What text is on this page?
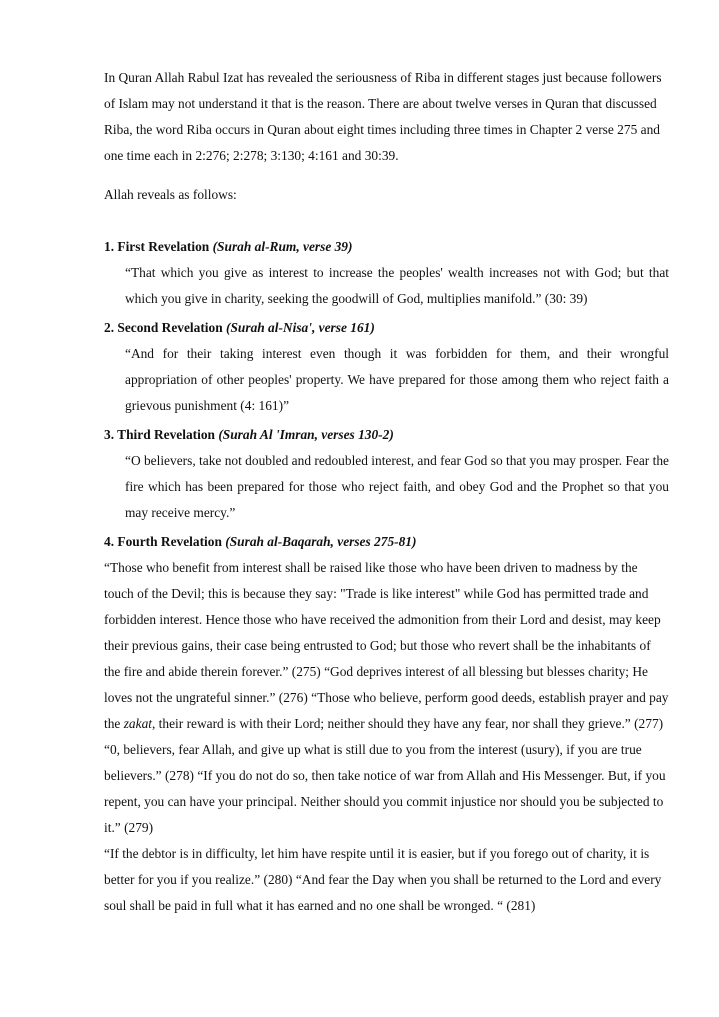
In Quran Allah Rabul Izat has revealed the seriousness of Riba in different stages just because followers of Islam may not understand it that is the reason. There are about twelve verses in Quran that discussed Riba, the word Riba occurs in Quran about eight times including three times in Chapter 2 verse 275 and one time each in 2:276; 2:278; 3:130; 4:161 and 30:39.

Allah reveals as follows:

1. First Revelation (Surah al-Rum, verse 39)

“That which you give as interest to increase the peoples' wealth increases not with God; but that which you give in charity, seeking the goodwill of God, multiplies manifold.” (30: 39)

2. Second Revelation (Surah al-Nisa', verse 161)

“And for their taking interest even though it was forbidden for them, and their wrongful appropriation of other peoples' property. We have prepared for those among them who reject faith a grievous punishment (4: 161)”

3. Third Revelation (Surah Al 'Imran, verses 130-2)

“O believers, take not doubled and redoubled interest, and fear God so that you may prosper. Fear the fire which has been prepared for those who reject faith, and obey God and the Prophet so that you may receive mercy.”

4. Fourth Revelation (Surah al-Baqarah, verses 275-81)

“Those who benefit from interest shall be raised like those who have been driven to madness by the touch of the Devil; this is because they say: "Trade is like interest" while God has permitted trade and forbidden interest. Hence those who have received the admonition from their Lord and desist, may keep their previous gains, their case being entrusted to God; but those who revert shall be the inhabitants of the fire and abide therein forever.” (275) “God deprives interest of all blessing but blesses charity; He loves not the ungrateful sinner.” (276) “Those who believe, perform good deeds, establish prayer and pay the zakat, their reward is with their Lord; neither should they have any fear, nor shall they grieve.” (277) “0, believers, fear Allah, and give up what is still due to you from the interest (usury), if you are true believers.” (278) “If you do not do so, then take notice of war from Allah and His Messenger. But, if you repent, you can have your principal. Neither should you commit injustice nor should you be subjected to it.” (279)

“If the debtor is in difficulty, let him have respite until it is easier, but if you forego out of charity, it is better for you if you realize.” (280) “And fear the Day when you shall be returned to the Lord and every soul shall be paid in full what it has earned and no one shall be wronged. “ (281)
